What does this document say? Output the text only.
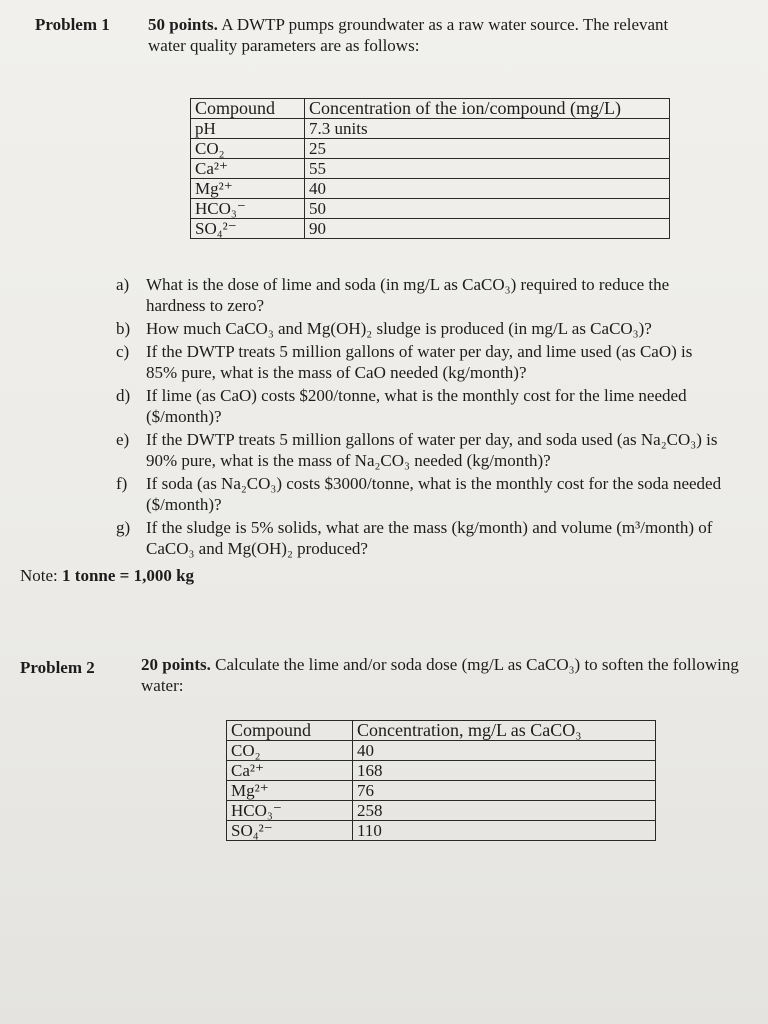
Problem 1 50 points. A DWTP pumps groundwater as a raw water source. The relevant water quality parameters are as follows:
Compound	Concentration of the ion/compound (mg/L)
pH	7.3 units
CO₂	25
Ca²⁺	55
Mg²⁺	40
HCO₃⁻	50
SO₄²⁻	90
a) What is the dose of lime and soda (in mg/L as CaCO₃) required to reduce the hardness to zero?
b) How much CaCO₃ and Mg(OH)₂ sludge is produced (in mg/L as CaCO₃)?
c) If the DWTP treats 5 million gallons of water per day, and lime used (as CaO) is 85% pure, what is the mass of CaO needed (kg/month)?
d) If lime (as CaO) costs $200/tonne, what is the monthly cost for the lime needed ($/month)?
e) If the DWTP treats 5 million gallons of water per day, and soda used (as Na₂CO₃) is 90% pure, what is the mass of Na₂CO₃ needed (kg/month)?
f)	If soda (as Na₂CO₃) costs $3000/tonne, what is the monthly cost for the soda needed ($/month)?
g) If the sludge is 5% solids, what are the mass (kg/month) and volume (m³/month) of CaCO₃ and Mg(OH)₂ produced?
Note: 1 tonne = 1,000 kg
Problem 2	20 points. Calculate the lime and/or soda dose (mg/L as CaCO₃) to soften the following water:
Compound	Concentration, mg/L as CaCO₃
CO₂	40
Ca²⁺	168
Mg²⁺	76
HCO₃⁻	258
SO₄²⁻	110
